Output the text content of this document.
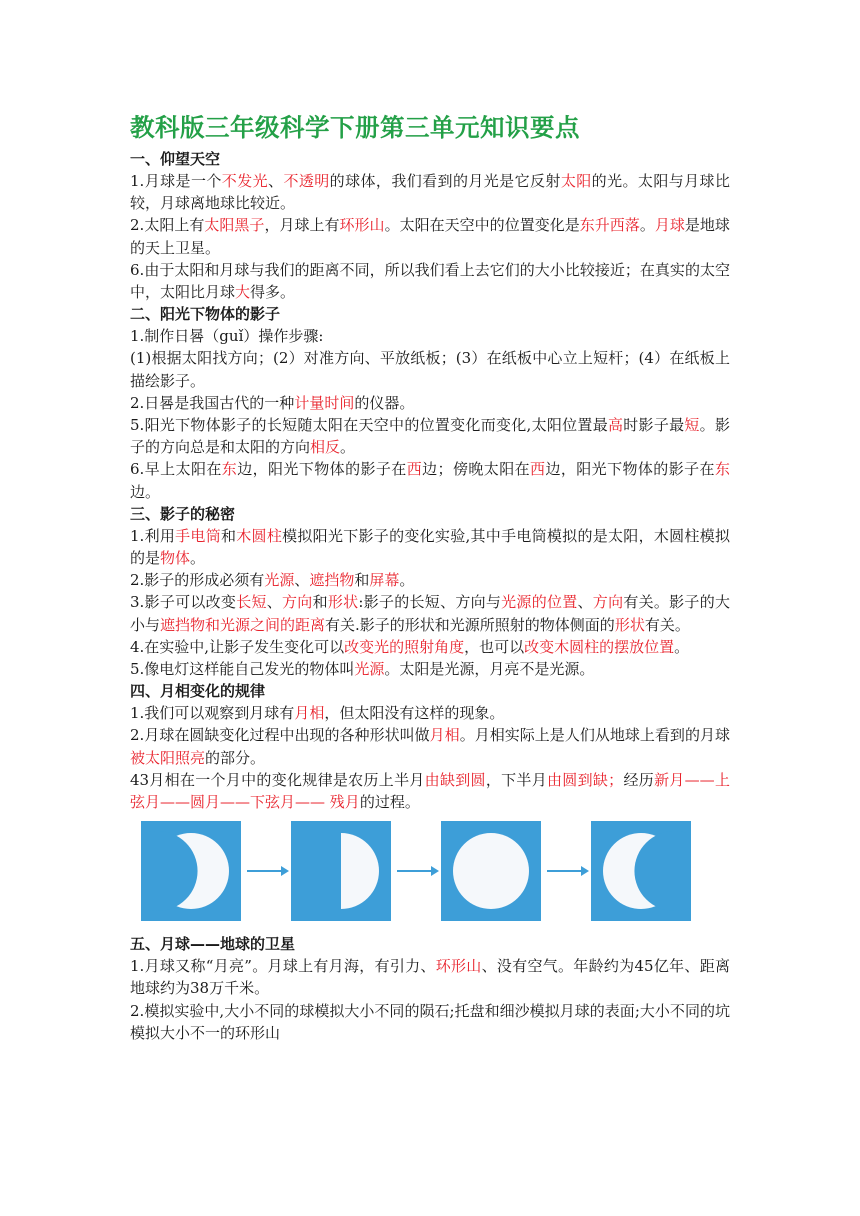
教科版三年级科学下册第三单元知识要点
一、仰望天空
1.月球是一个不发光、不透明的球体，我们看到的月光是它反射太阳的光。太阳与月球比较，月球离地球比较近。
2.太阳上有太阳黑子，月球上有环形山。太阳在天空中的位置变化是东升西落。月球是地球的天上卫星。
6.由于太阳和月球与我们的距离不同，所以我们看上去它们的大小比较接近；在真实的太空中，太阳比月球大得多。
二、阳光下物体的影子
1.制作日晷（guǐ）操作步骤:
(1)根据太阳找方向；(2）对准方向、平放纸板；(3）在纸板中心立上短杆；(4）在纸板上描绘影子。
2.日晷是我国古代的一种计量时间的仪器。
5.阳光下物体影子的长短随太阳在天空中的位置变化而变化,太阳位置最高时影子最短。影子的方向总是和太阳的方向相反。
6.早上太阳在东边，阳光下物体的影子在西边；傍晚太阳在西边，阳光下物体的影子在东边。
三、影子的秘密
1.利用手电筒和木圆柱模拟阳光下影子的变化实验,其中手电筒模拟的是太阳，木圆柱模拟的是物体。
2.影子的形成必须有光源、遮挡物和屏幕。
3.影子可以改变长短、方向和形状:影子的长短、方向与光源的位置、方向有关。影子的大小与遮挡物和光源之间的距离有关.影子的形状和光源所照射的物体侧面的形状有关。
4.在实验中,让影子发生变化可以改变光的照射角度，也可以改变木圆柱的摆放位置。
5.像电灯这样能自己发光的物体叫光源。太阳是光源，月亮不是光源。
四、月相变化的规律
1.我们可以观察到月球有月相，但太阳没有这样的现象。
2.月球在圆缺变化过程中出现的各种形状叫做月相。月相实际上是人们从地球上看到的月球被太阳照亮的部分。
43月相在一个月中的变化规律是农历上半月由缺到圆，下半月由圆到缺；经历新月——上弦月——圆月——下弦月—— 残月的过程。
五、月球——地球的卫星
1.月球又称“月亮”。月球上有月海，有引力、环形山、没有空气。年龄约为45亿年、距离地球约为38万千米。
2.模拟实验中,大小不同的球模拟大小不同的陨石;托盘和细沙模拟月球的表面;大小不同的坑模拟大小不一的环形山
